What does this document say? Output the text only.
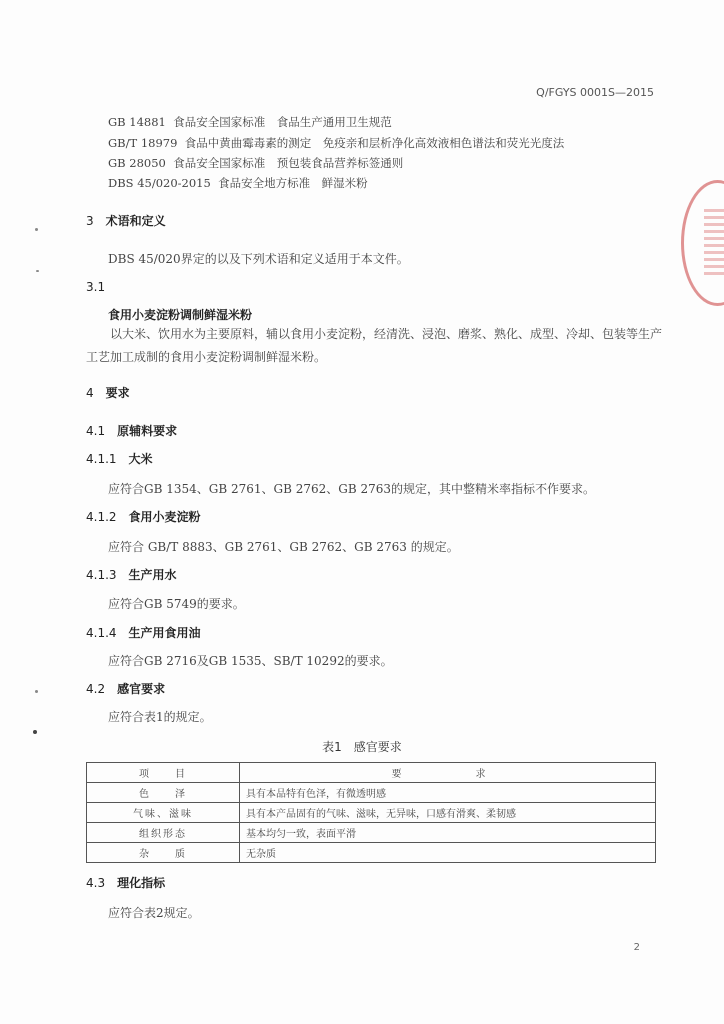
Q/FGYS 0001S—2015
GB 14881 食品安全国家标准　食品生产通用卫生规范
GB/T 18979 食品中黄曲霉毒素的测定　免疫亲和层析净化高效液相色谱法和荧光光度法
GB 28050 食品安全国家标准　预包装食品营养标签通则
DBS 45/020-2015 食品安全地方标准　鲜湿米粉
3 术语和定义
DBS 45/020界定的以及下列术语和定义适用于本文件。
3.1
食用小麦淀粉调制鲜湿米粉
以大米、饮用水为主要原料，辅以食用小麦淀粉，经清洗、浸泡、磨浆、熟化、成型、冷却、包装等生产工艺加工成制的食用小麦淀粉调制鲜湿米粉。
4 要求
4.1 原辅料要求
4.1.1 大米
应符合GB 1354、GB 2761、GB 2762、GB 2763的规定，其中整精米率指标不作要求。
4.1.2 食用小麦淀粉
应符合 GB/T 8883、GB 2761、GB 2762、GB 2763 的规定。
4.1.3 生产用水
应符合GB 5749的要求。
4.1.4 生产用食用油
应符合GB 2716及GB 1535、SB/T 10292的要求。
4.2 感官要求
应符合表1的规定。
表1　感官要求
项　　目	要　　求
色　　泽	具有本品特有色泽，有微透明感
气味、滋味	具有本产品固有的气味、滋味，无异味，口感有滑爽、柔韧感
组织形态	基本均匀一致，表面平滑
杂　　质	无杂质
4.3 理化指标
应符合表2规定。
2
